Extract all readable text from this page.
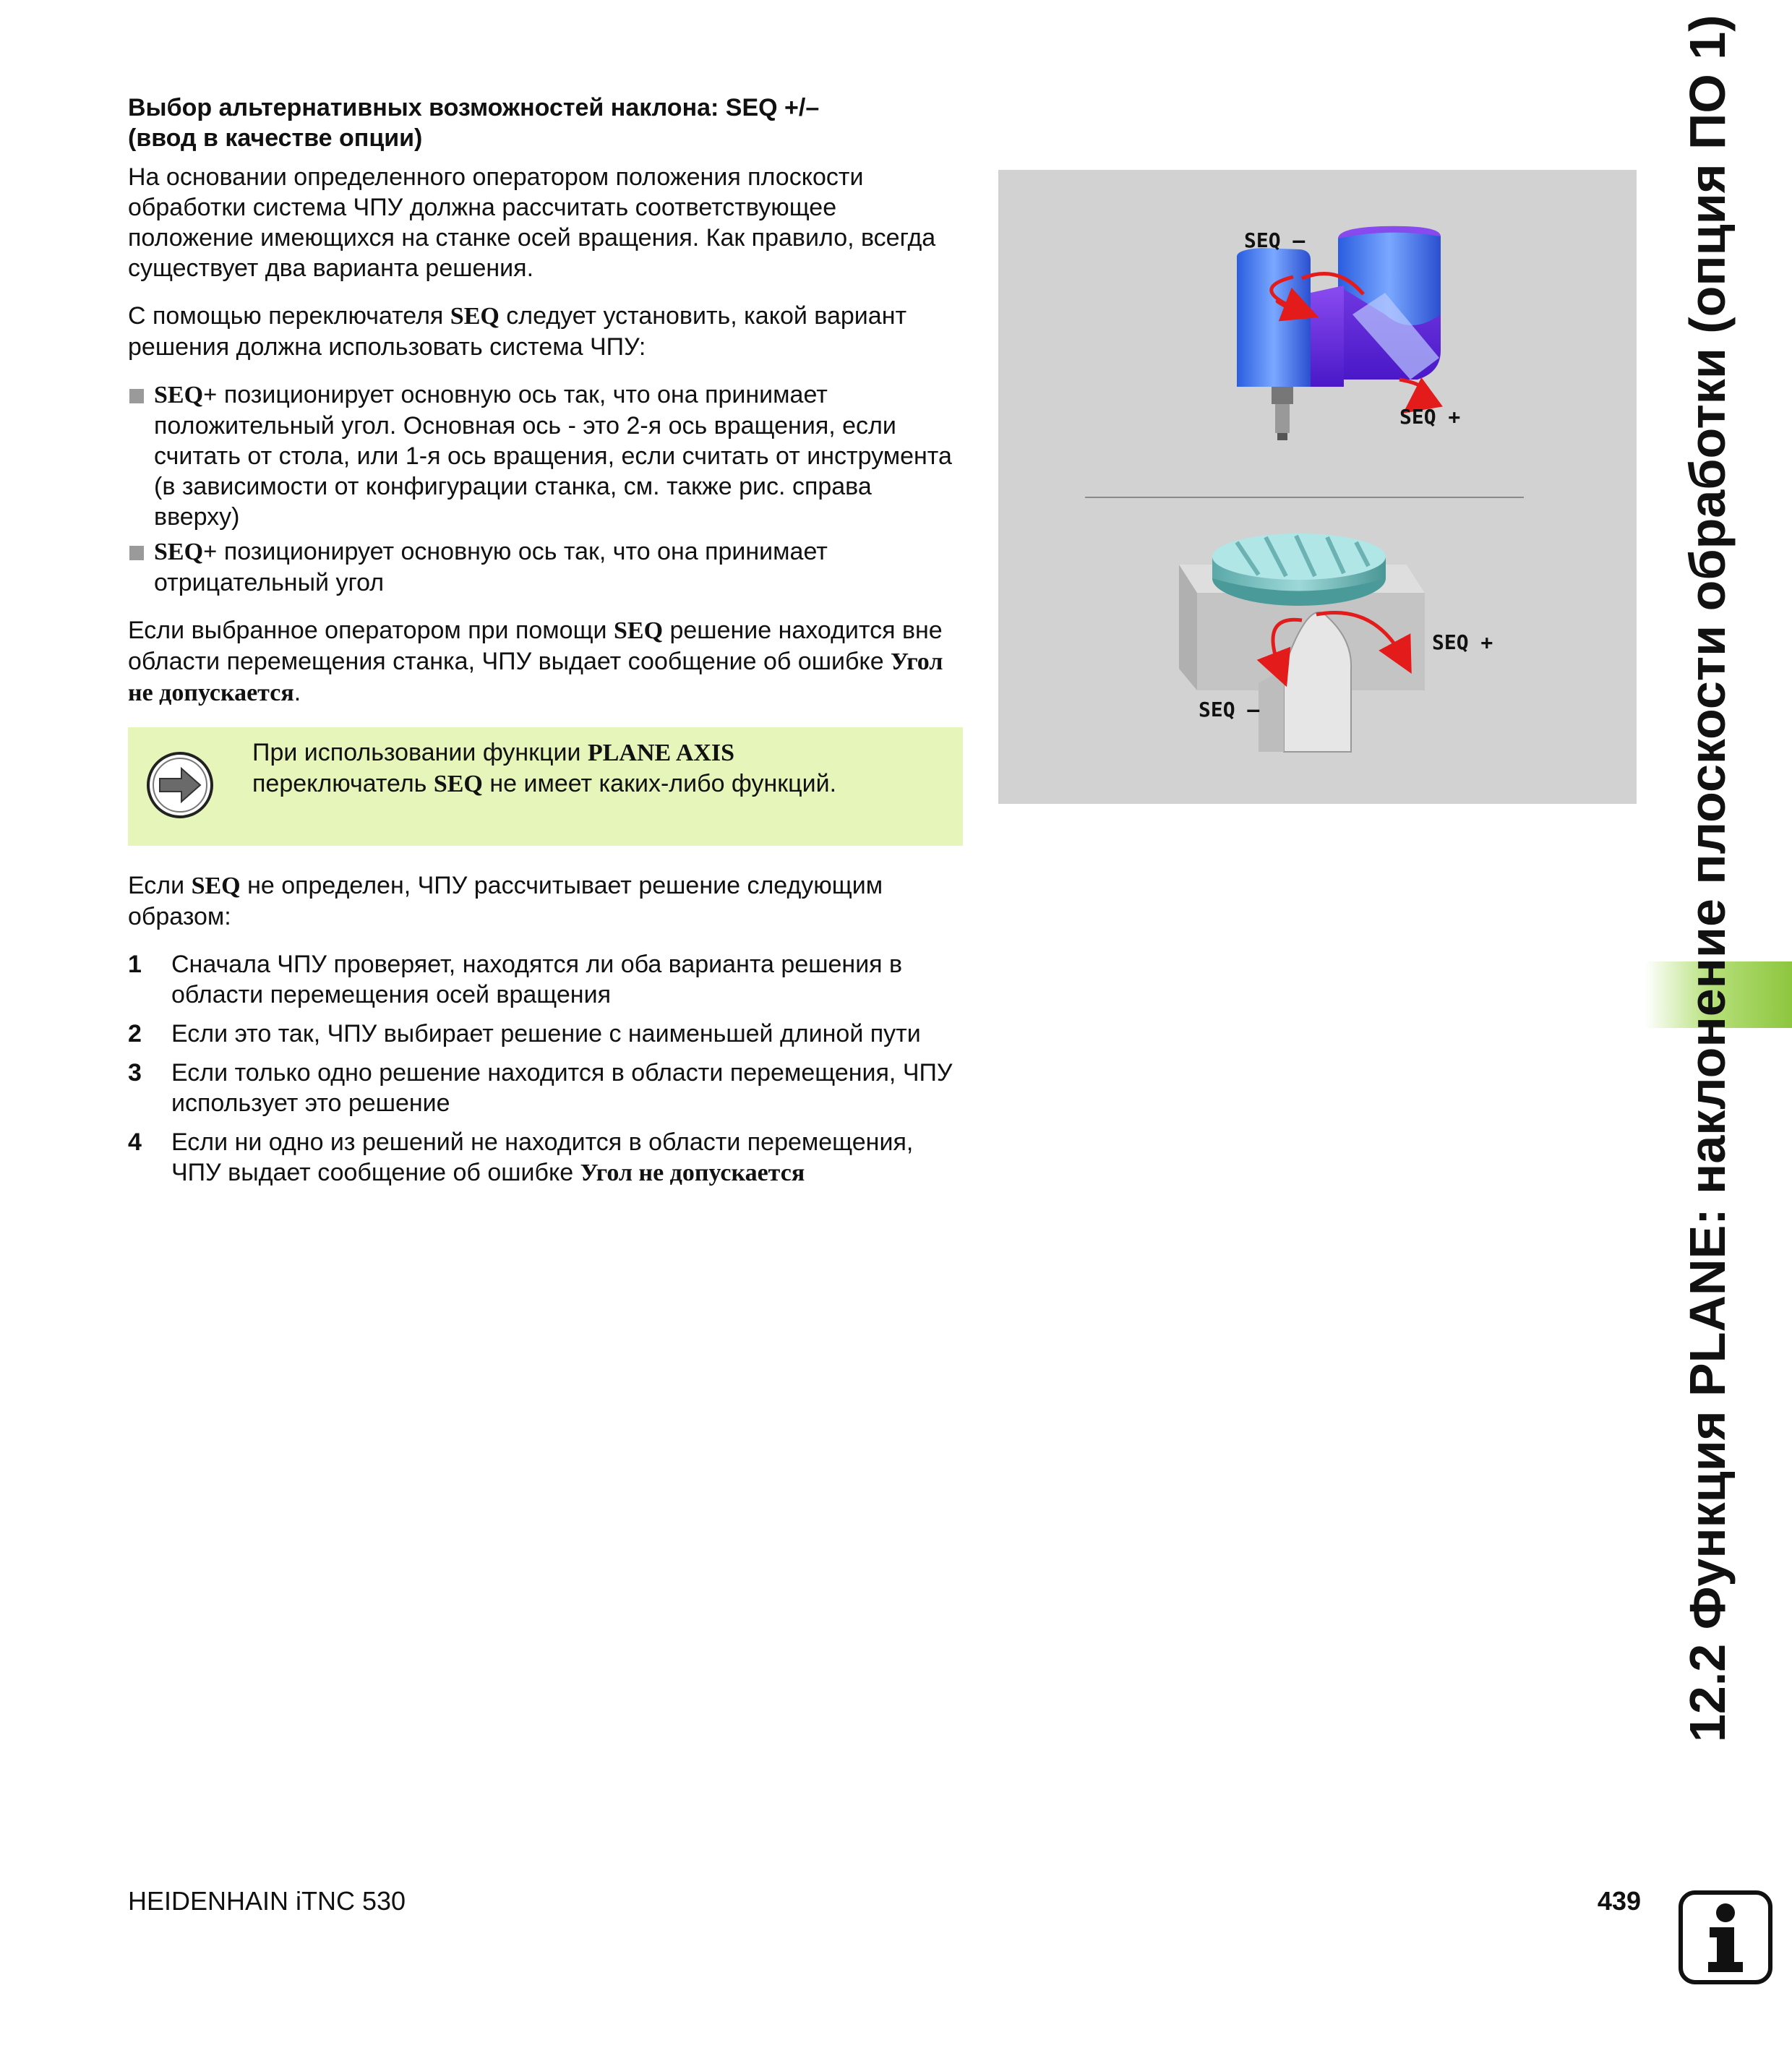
Выбор альтернативных возможностей наклона: SEQ +/–
(ввод в качестве опции)
На основании определенного оператором положения плоскости обработки система ЧПУ должна рассчитать соответствующее положение имеющихся на станке осей вращения. Как правило, всегда существует два варианта решения.
С помощью переключателя SEQ следует установить, какой вариант решения должна использовать система ЧПУ:
SEQ+ позиционирует основную ось так, что она принимает положительный угол. Основная ось - это 2-я ось вращения, если считать от стола, или 1-я ось вращения, если считать от инструмента (в зависимости от конфигурации станка, см. также рис. справа вверху)
SEQ+ позиционирует основную ось так, что она принимает отрицательный угол
Если выбранное оператором при помощи SEQ решение находится вне области перемещения станка, ЧПУ выдает сообщение об ошибке Угол не допускается.
При использовании функции PLANE AXIS
переключатель SEQ не имеет каких-либо функций.
Если SEQ не определен, ЧПУ рассчитывает решение следующим образом:
1 Сначала ЧПУ проверяет, находятся ли оба варианта решения в области перемещения осей вращения
2 Если это так, ЧПУ выбирает решение с наименьшей длиной пути
3 Если только одно решение находится в области перемещения, ЧПУ использует это решение
4 Если ни одно из решений не находится в области перемещения, ЧПУ выдает сообщение об ошибке Угол не допускается
SEQ –
SEQ +
SEQ +
SEQ –	12.2 Функция PLANE: наклонение плоскости обработки (опция ПО 1)
HEIDENHAIN iTNC 530	439
